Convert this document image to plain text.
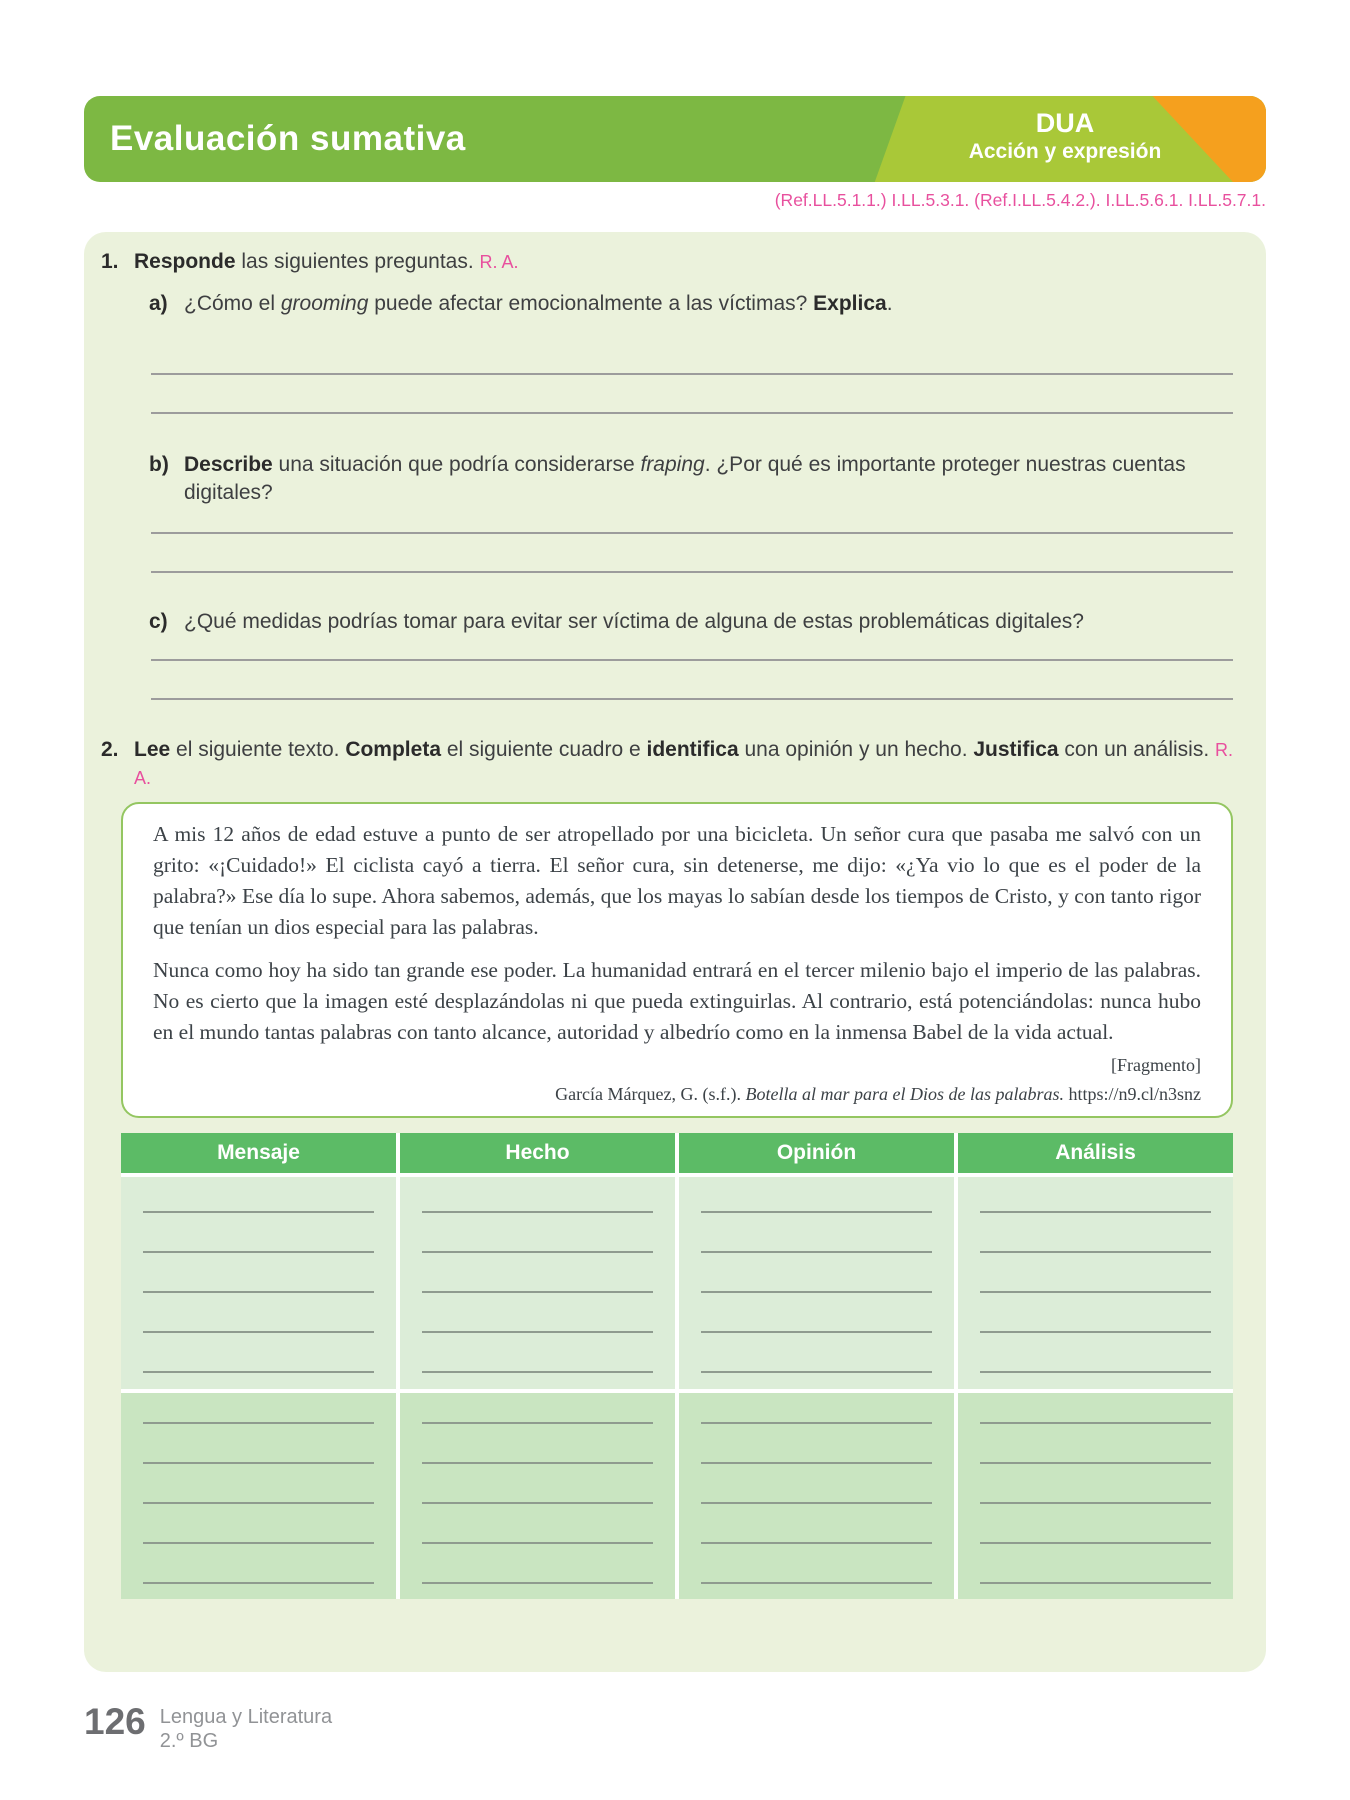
Evaluación sumativa	DUA
Acción y expresión
(Ref.LL.5.1.1.) I.LL.5.3.1. (Ref.I.LL.5.4.2.). I.LL.5.6.1. I.LL.5.7.1.
1. Responde las siguientes preguntas. R. A.
a) ¿Cómo el grooming puede afectar emocionalmente a las víctimas? Explica.
b) Describe una situación que podría considerarse fraping. ¿Por qué es importante proteger nuestras cuentas digitales?
c) ¿Qué medidas podrías tomar para evitar ser víctima de alguna de estas problemáticas digitales?
2. Lee el siguiente texto. Completa el siguiente cuadro e identifica una opinión y un hecho. Justifica con un análisis. R. A.

A mis 12 años de edad estuve a punto de ser atropellado por una bicicleta. Un señor cura que pasaba me salvó con un grito: «¡Cuidado!» El ciclista cayó a tierra. El señor cura, sin detenerse, me dijo: «¿Ya vio lo que es el poder de la palabra?» Ese día lo supe. Ahora sabemos, además, que los mayas lo sabían desde los tiempos de Cristo, y con tanto rigor que tenían un dios especial para las palabras.

Nunca como hoy ha sido tan grande ese poder. La humanidad entrará en el tercer milenio bajo el imperio de las palabras. No es cierto que la imagen esté desplazándolas ni que pueda extinguirlas. Al contrario, está potenciándolas: nunca hubo en el mundo tantas palabras con tanto alcance, autoridad y albedrío como en la inmensa Babel de la vida actual.

[Fragmento]
García Márquez, G. (s.f.). Botella al mar para el Dios de las palabras. https://n9.cl/n3snz
Mensaje	Hecho	Opinión	Análisis
126 Lengua y Literatura
2.º BG
